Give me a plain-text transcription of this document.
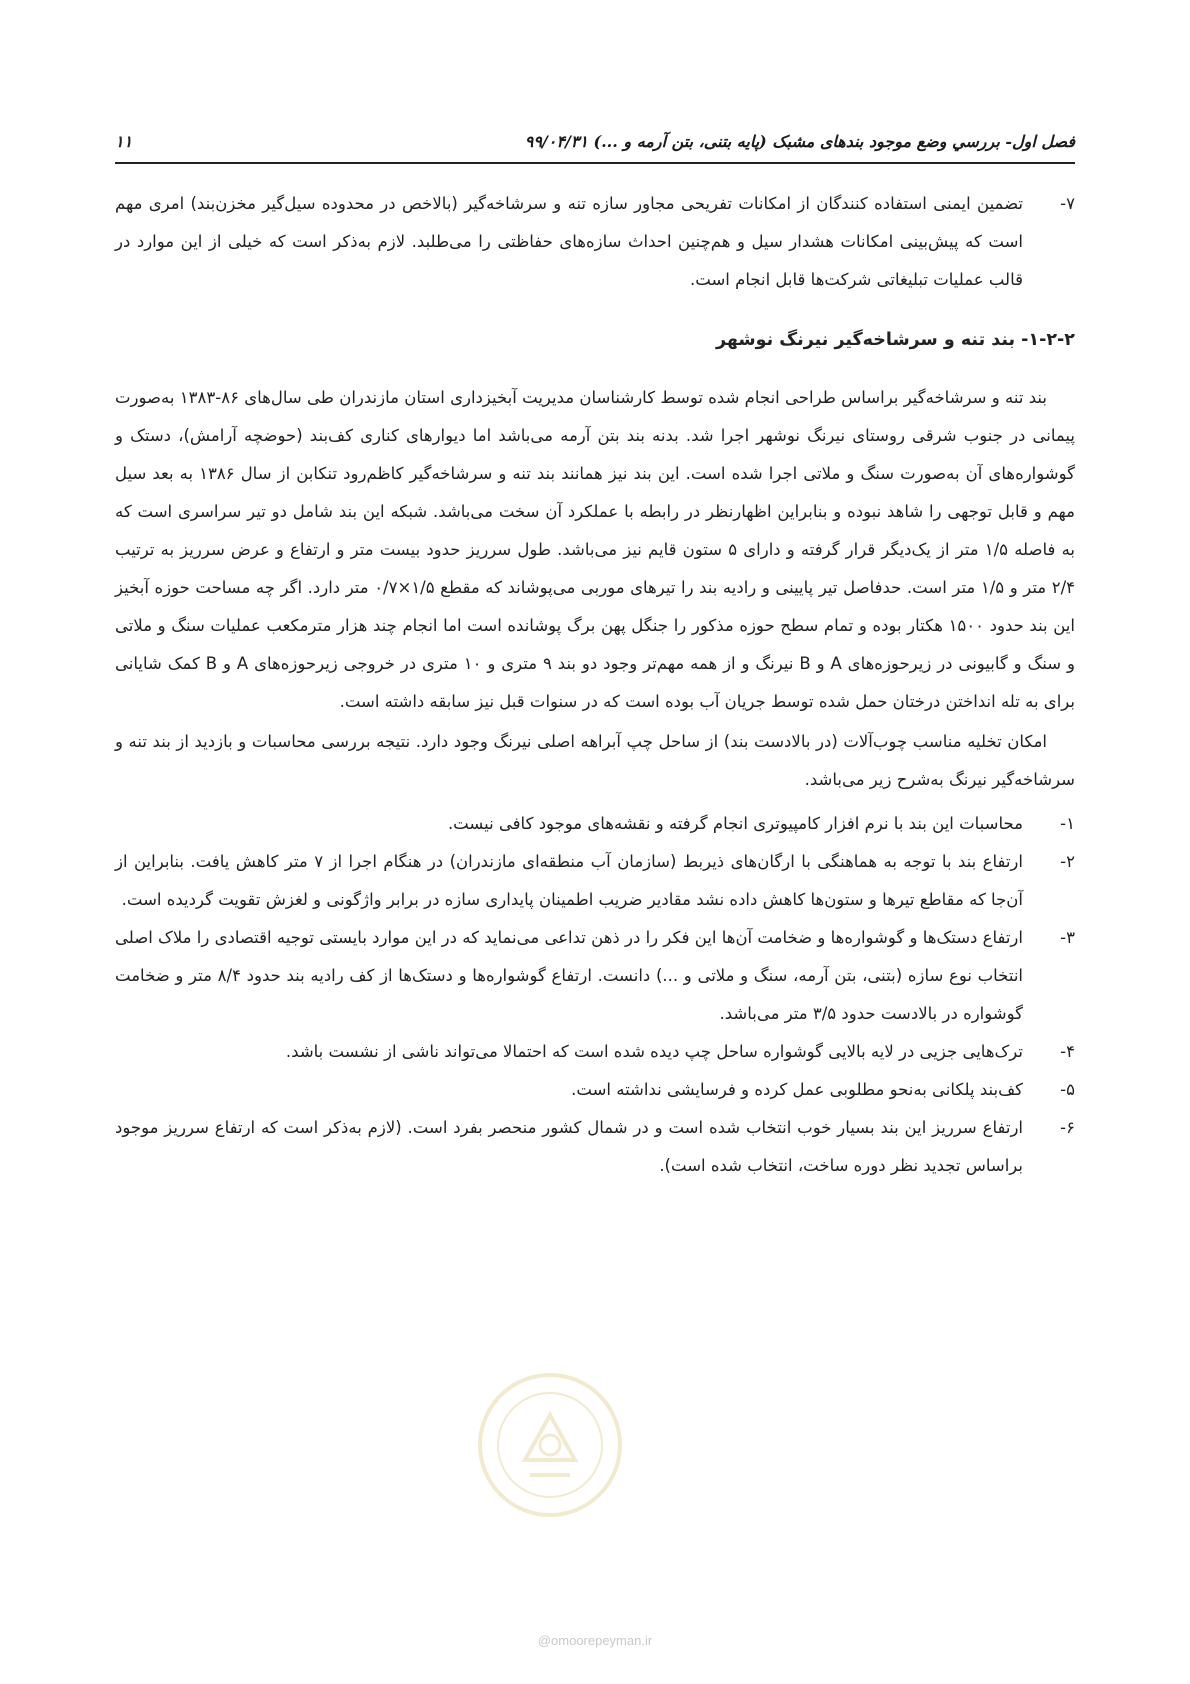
فصل اول- بررسي وضع موجود بندهای مشبک (پایه بتنی، بتن آرمه و ...) ۹۹/۰۴/۳۱
۱۱
۷-
تضمین ایمنی استفاده کنندگان از امکانات تفریحی مجاور سازه تنه و سرشاخه‌گیر (بالاخص در محدوده سیل‌گیر مخزن‌بند) امری مهم است که پیش‌بینی امکانات هشدار سیل و هم‌چنین احداث سازه‌های حفاظتی را می‌طلبد. لازم به‌ذکر است که خیلی از این موارد در قالب عملیات تبلیغاتی شرکت‌ها قابل انجام است.
۱-۲-۲- بند تنه و سرشاخه‌گیر نیرنگ نوشهر

بند تنه و سرشاخه‌گیر براساس طراحی انجام شده توسط کارشناسان مدیریت آبخیزداری استان مازندران طی سال‌های ۸۶-۱۳۸۳ به‌صورت پیمانی در جنوب شرقی روستای نیرنگ نوشهر اجرا شد. بدنه بند بتن آرمه می‌باشد اما دیوارهای کناری کف‌بند (حوضچه آرامش)، دستک و گوشواره‌های آن به‌صورت سنگ و ملاتی اجرا شده است. این بند نیز همانند بند تنه و سرشاخه‌گیر کاظم‌رود تنکابن از سال ۱۳۸۶ به بعد سیل مهم و قابل توجهی را شاهد نبوده و بنابراین اظهارنظر در رابطه با عملکرد آن سخت می‌باشد. شبکه این بند شامل دو تیر سراسری است که به فاصله ۱/۵ متر از یک‌دیگر قرار گرفته و دارای ۵ ستون قایم نیز می‌باشد. طول سرریز حدود بیست متر و ارتفاع و عرض سرریز به ترتیب ۲/۴ متر و ۱/۵ متر است. حدفاصل تیر پایینی و رادیه بند را تیرهای موربی می‌پوشاند که مقطع ۱/۵×۰/۷ متر دارد. اگر چه مساحت حوزه آبخیز این بند حدود ۱۵۰۰ هکتار بوده و تمام سطح حوزه مذکور را جنگل پهن برگ پوشانده است اما انجام چند هزار مترمکعب عملیات سنگ و ملاتی و سنگ و گابیونی در زیرحوزه‌های A و B نیرنگ و از همه مهم‌تر وجود دو بند ۹ متری و ۱۰ متری در خروجی زیرحوزه‌های A و B کمک شایانی برای به تله انداختن درختان حمل شده توسط جریان آب بوده است که در سنوات قبل نیز سابقه داشته است.

امکان تخلیه مناسب چوب‌آلات (در بالادست بند) از ساحل چپ آبراهه اصلی نیرنگ وجود دارد. نتیجه بررسی محاسبات و بازدید از بند تنه و سرشاخه‌گیر نیرنگ به‌شرح زیر می‌باشد.

۱-
محاسبات این بند با نرم افزار کامپیوتری انجام گرفته و نقشه‌های موجود کافی نیست.
۲-
ارتفاع بند با توجه به هماهنگی با ارگان‌های ذیربط (سازمان آب منطقه‌ای مازندران) در هنگام اجرا از ۷ متر کاهش یافت. بنابراین از آن‌جا که مقاطع تیرها و ستون‌ها کاهش داده نشد مقادیر ضریب اطمینان پایداری سازه در برابر واژگونی و لغزش تقویت گردیده است.
۳-
ارتفاع دستک‌ها و گوشواره‌ها و ضخامت آن‌ها این فکر را در ذهن تداعی می‌نماید که در این موارد بایستی توجیه اقتصادی را ملاک اصلی انتخاب نوع سازه (بتنی، بتن آرمه، سنگ و ملاتی و ...) دانست. ارتفاع گوشواره‌ها و دستک‌ها از کف رادیه بند حدود ۸/۴ متر و ضخامت گوشواره در بالادست حدود ۳/۵ متر می‌باشد.
۴-
ترک‌هایی جزیی در لایه بالایی گوشواره ساحل چپ دیده شده است که احتمالا می‌تواند ناشی از نشست باشد.
۵-
کف‌بند پلکانی به‌نحو مطلوبی عمل کرده و فرسایشی نداشته است.
۶-
ارتفاع سرریز این بند بسیار خوب انتخاب شده است و در شمال کشور منحصر بفرد است. (لازم به‌ذکر است که ارتفاع سرریز موجود براساس تجدید نظر دوره ساخت، انتخاب شده است).
@omoorepeyman.ir
